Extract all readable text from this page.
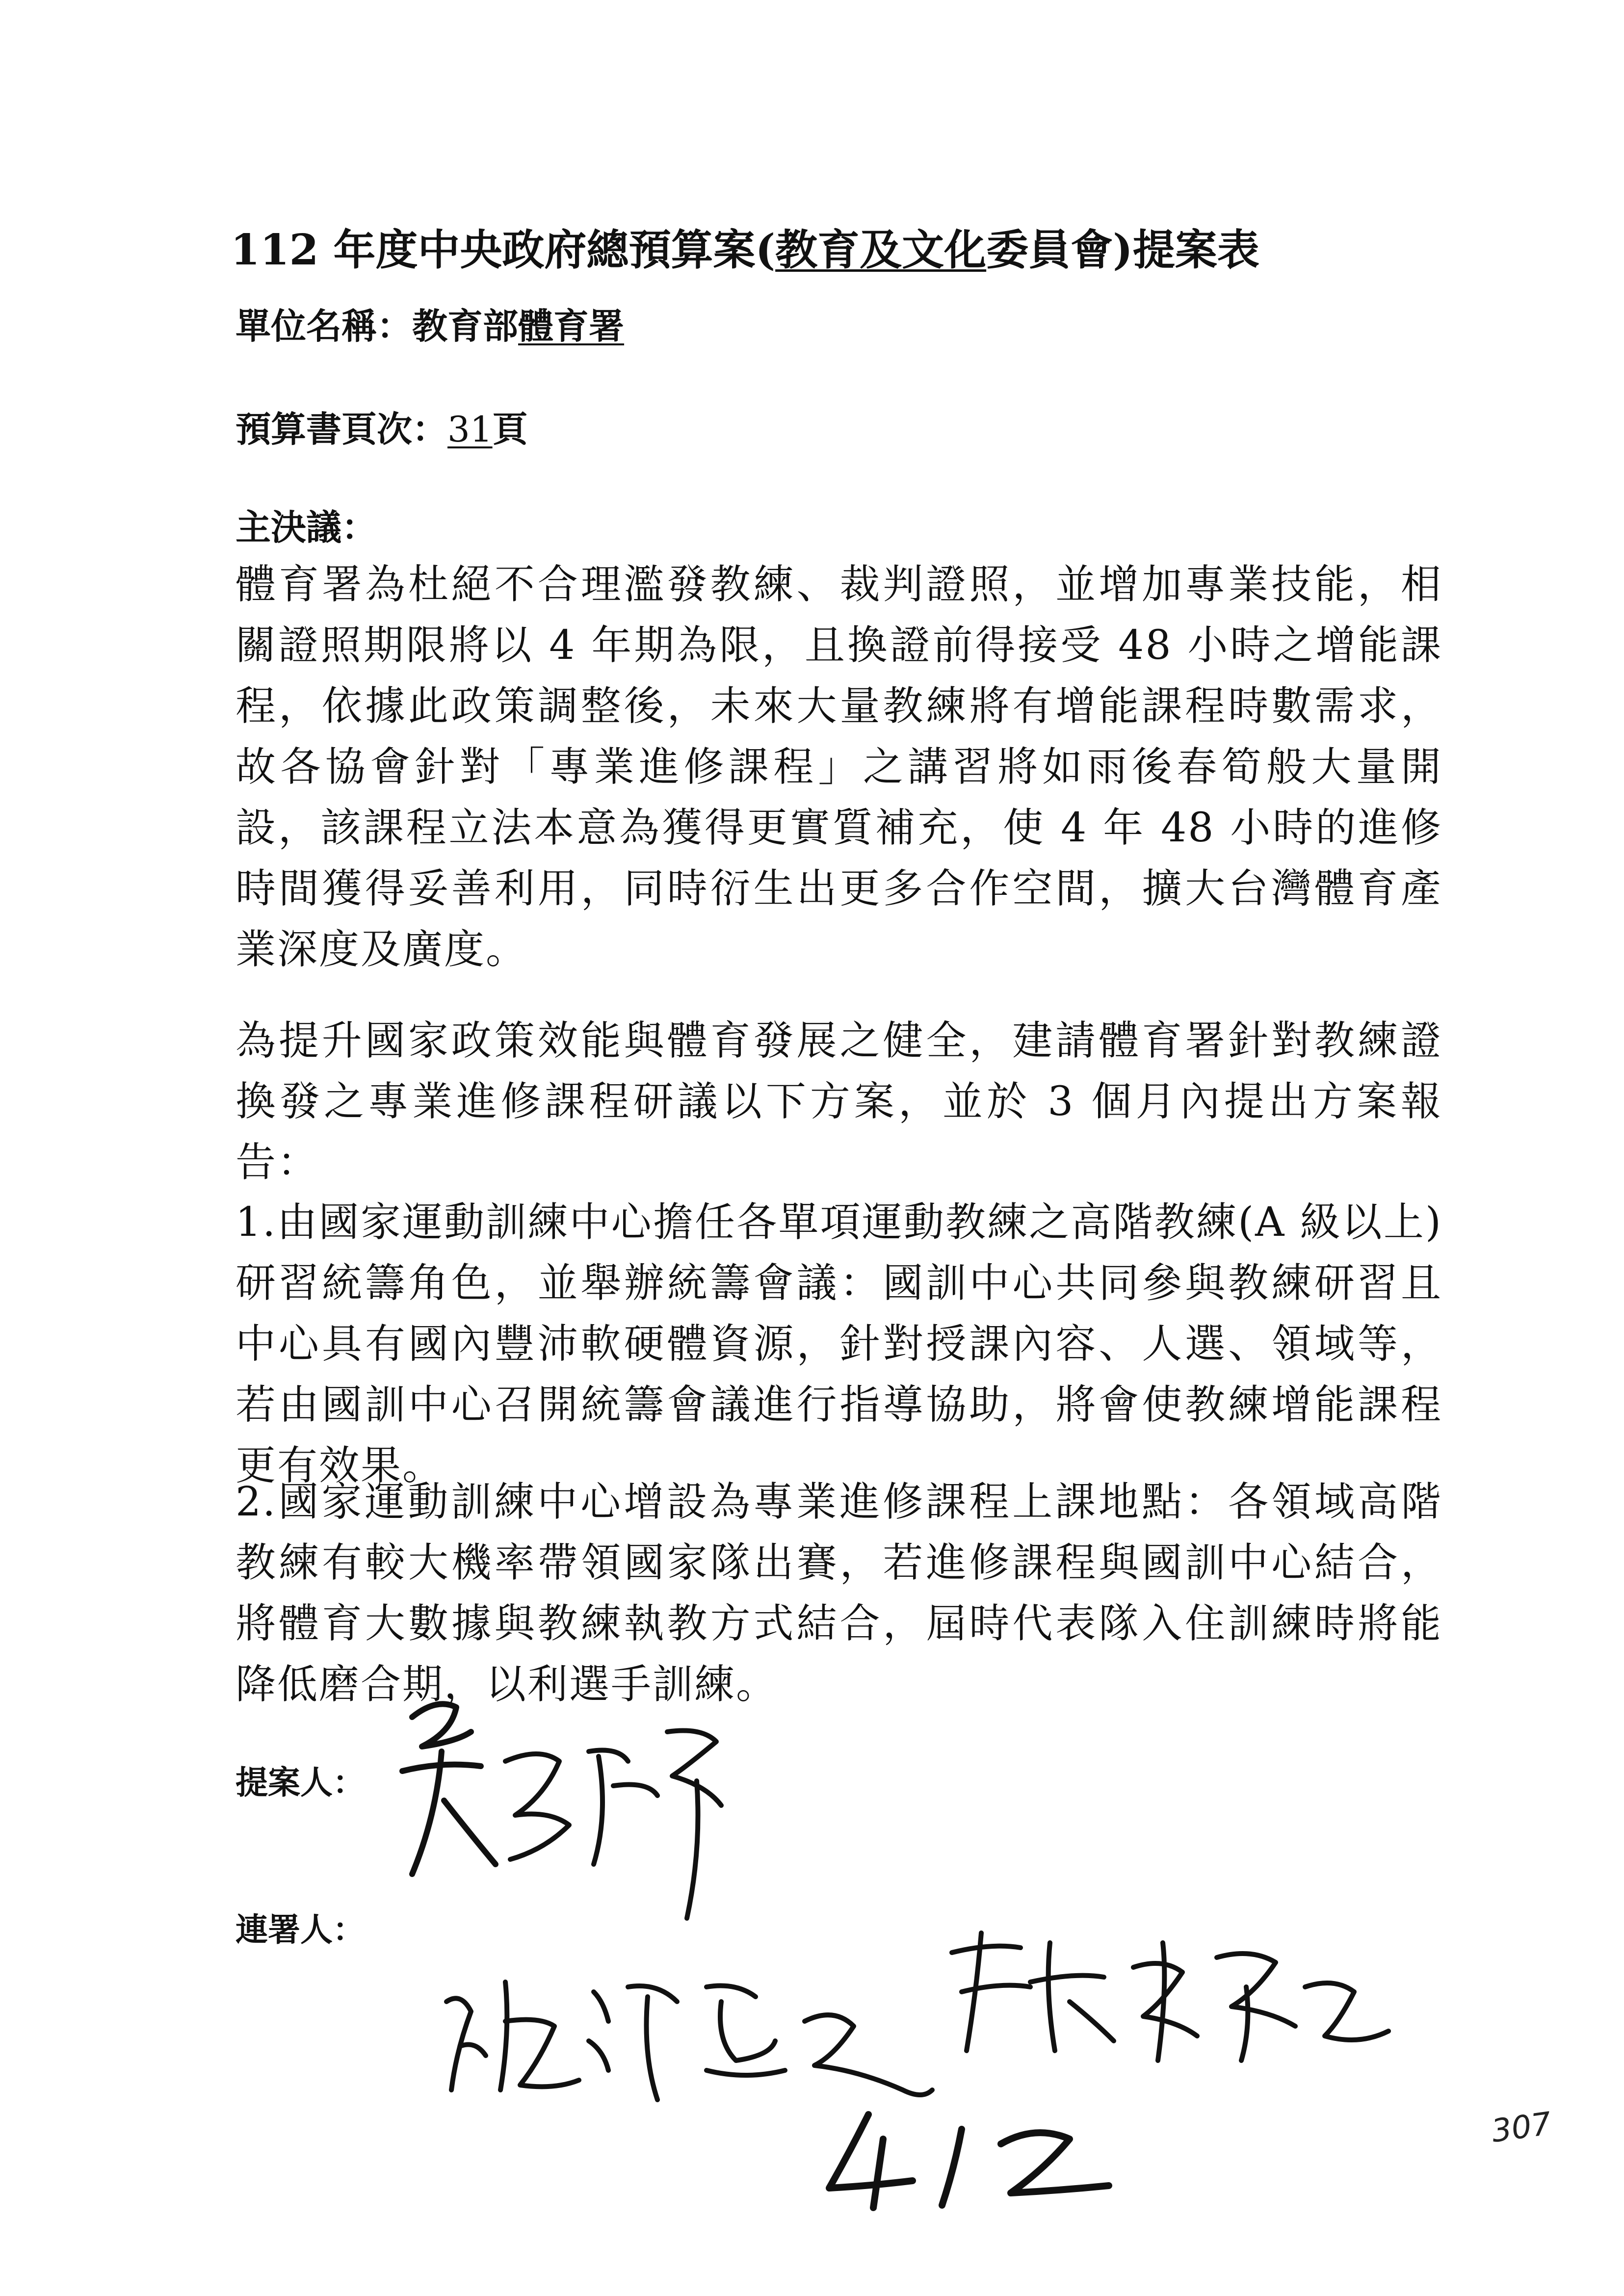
112 年度中央政府總預算案(教育及文化委員會)提案表
單位名稱：教育部體育署
預算書頁次：31頁
主決議：
體育署為杜絕不合理濫發教練、裁判證照，並增加專業技能，相關證照期限將以 4 年期為限，且換證前得接受 48 小時之增能課程，依據此政策調整後，未來大量教練將有增能課程時數需求，故各協會針對「專業進修課程」之講習將如雨後春筍般大量開設，該課程立法本意為獲得更實質補充，使 4 年 48 小時的進修時間獲得妥善利用，同時衍生出更多合作空間，擴大台灣體育產業深度及廣度。
為提升國家政策效能與體育發展之健全，建請體育署針對教練證換發之專業進修課程研議以下方案，並於 3 個月內提出方案報告：
1.由國家運動訓練中心擔任各單項運動教練之高階教練(A 級以上)研習統籌角色，並舉辦統籌會議：國訓中心共同參與教練研習且中心具有國內豐沛軟硬體資源，針對授課內容、人選、領域等，若由國訓中心召開統籌會議進行指導協助，將會使教練增能課程更有效果。
2.國家運動訓練中心增設為專業進修課程上課地點：各領域高階教練有較大機率帶領國家隊出賽，若進修課程與國訓中心結合，將體育大數據與教練執教方式結合，屆時代表隊入住訓練時將能降低磨合期，以利選手訓練。
提案人：
連署人：
307
